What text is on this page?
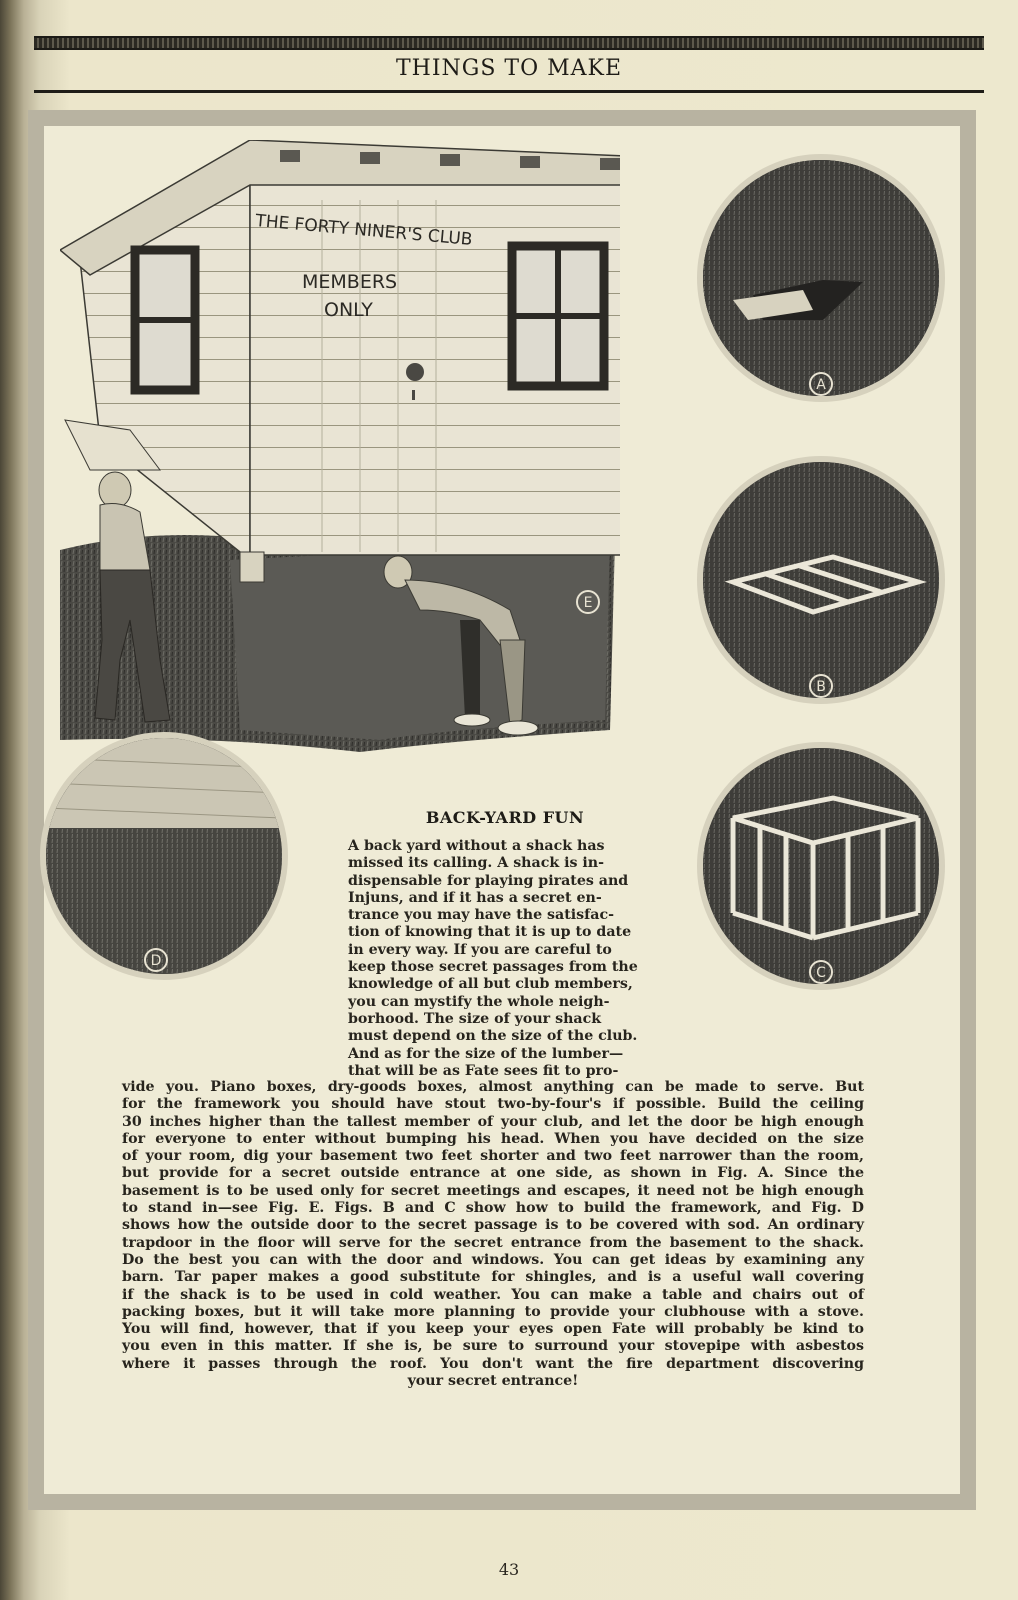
THINGS TO MAKE
THE FORTY NINER'S CLUB
MEMBERS
ONLY
E
A
B
C
D
BACK-YARD FUN
A back yard without a shack has
missed its calling. A shack is in-
dispensable for playing pirates and
Injuns, and if it has a secret en-
trance you may have the satisfac-
tion of knowing that it is up to date
in every way. If you are careful to
keep those secret passages from the
knowledge of all but club members,
you can mystify the whole neigh-
borhood. The size of your shack
must depend on the size of the club.
And as for the size of the lumber—
that will be as Fate sees fit to pro-
vide you. Piano boxes, dry-goods boxes, almost anything can be made to serve. But
for the framework you should have stout two-by-four's if possible. Build the ceiling
30 inches higher than the tallest member of your club, and let the door be high enough
for everyone to enter without bumping his head. When you have decided on the size
of your room, dig your basement two feet shorter and two feet narrower than the room,
but provide for a secret outside entrance at one side, as shown in Fig. A. Since the
basement is to be used only for secret meetings and escapes, it need not be high enough
to stand in—see Fig. E. Figs. B and C show how to build the framework, and Fig. D
shows how the outside door to the secret passage is to be covered with sod. An ordinary
trapdoor in the floor will serve for the secret entrance from the basement to the shack.
Do the best you can with the door and windows. You can get ideas by examining any
barn. Tar paper makes a good substitute for shingles, and is a useful wall covering
if the shack is to be used in cold weather. You can make a table and chairs out of
packing boxes, but it will take more planning to provide your clubhouse with a stove.
You will find, however, that if you keep your eyes open Fate will probably be kind to
you even in this matter. If she is, be sure to surround your stovepipe with asbestos
where it passes through the roof. You don't want the fire department discovering
your secret entrance!
43
